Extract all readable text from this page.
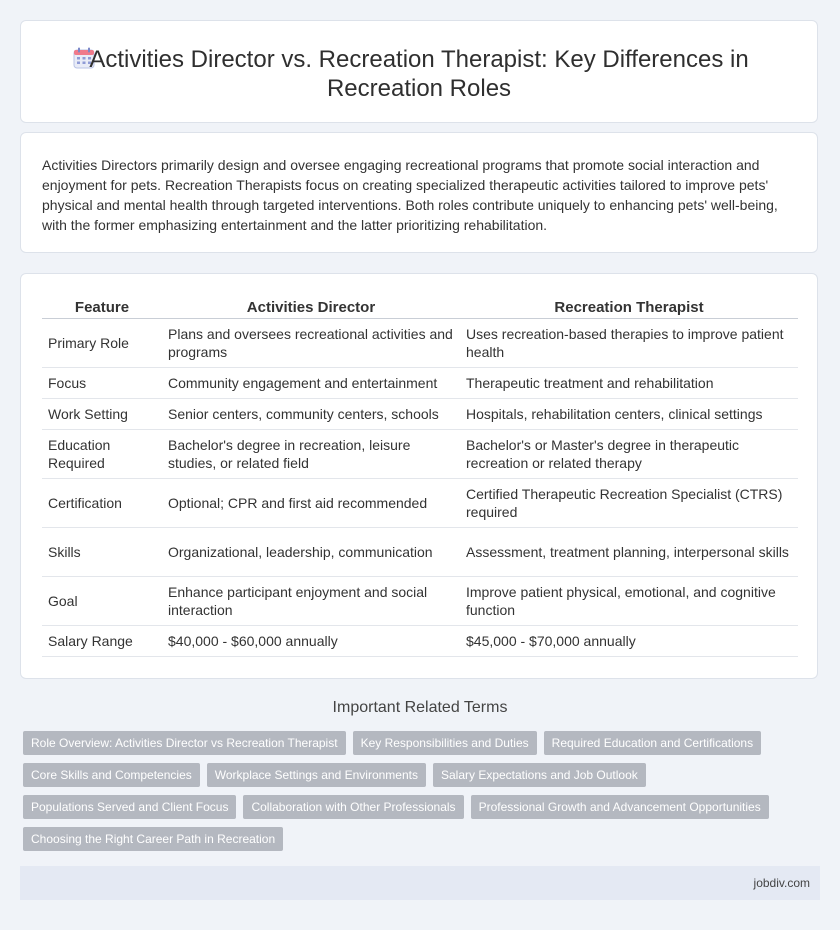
Activities Director vs. Recreation Therapist: Key Differences in
Recreation Roles

Activities Directors primarily design and oversee engaging recreational programs that promote social interaction and enjoyment for pets. Recreation Therapists focus on creating specialized therapeutic activities tailored to improve pets' physical and mental health through targeted interventions. Both roles contribute uniquely to enhancing pets' well-being, with the former emphasizing entertainment and the latter prioritizing rehabilitation.

Feature	Activities Director	Recreation Therapist
Primary Role	Plans and oversees recreational activities and programs	Uses recreation-based therapies to improve patient health
Focus	Community engagement and entertainment	Therapeutic treatment and rehabilitation
Work Setting	Senior centers, community centers, schools	Hospitals, rehabilitation centers, clinical settings
Education Required	Bachelor's degree in recreation, leisure studies, or related field	Bachelor's or Master's degree in therapeutic recreation or related therapy
Certification	Optional; CPR and first aid recommended	Certified Therapeutic Recreation Specialist (CTRS) required
Skills	Organizational, leadership, communication	Assessment, treatment planning, interpersonal skills
Goal	Enhance participant enjoyment and social interaction	Improve patient physical, emotional, and cognitive function
Salary Range	$40,000 - $60,000 annually	$45,000 - $70,000 annually
Important Related Terms
Role Overview: Activities Director vs Recreation Therapist	Key Responsibilities and Duties	Required Education and Certifications
Core Skills and Competencies	Workplace Settings and Environments	Salary Expectations and Job Outlook
Populations Served and Client Focus	Collaboration with Other Professionals	Professional Growth and Advancement Opportunities
Choosing the Right Career Path in Recreation
jobdiv.com
